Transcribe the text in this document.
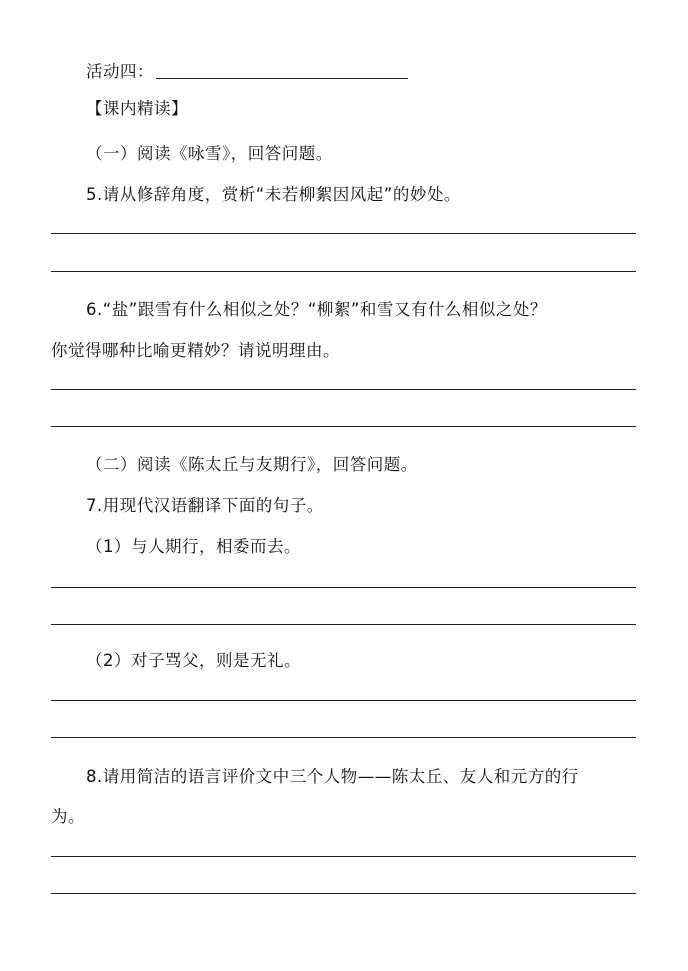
活动四：
【课内精读】
（一）阅读《咏雪》，回答问题。
5.请从修辞角度，赏析“未若柳絮因风起”的妙处。
6.“盐”跟雪有什么相似之处？“柳絮”和雪又有什么相似之处？
你觉得哪种比喻更精妙？请说明理由。
（二）阅读《陈太丘与友期行》，回答问题。
7.用现代汉语翻译下面的句子。
（1）与人期行，相委而去。
（2）对子骂父，则是无礼。
8.请用简洁的语言评价文中三个人物——陈太丘、友人和元方的行
为。
